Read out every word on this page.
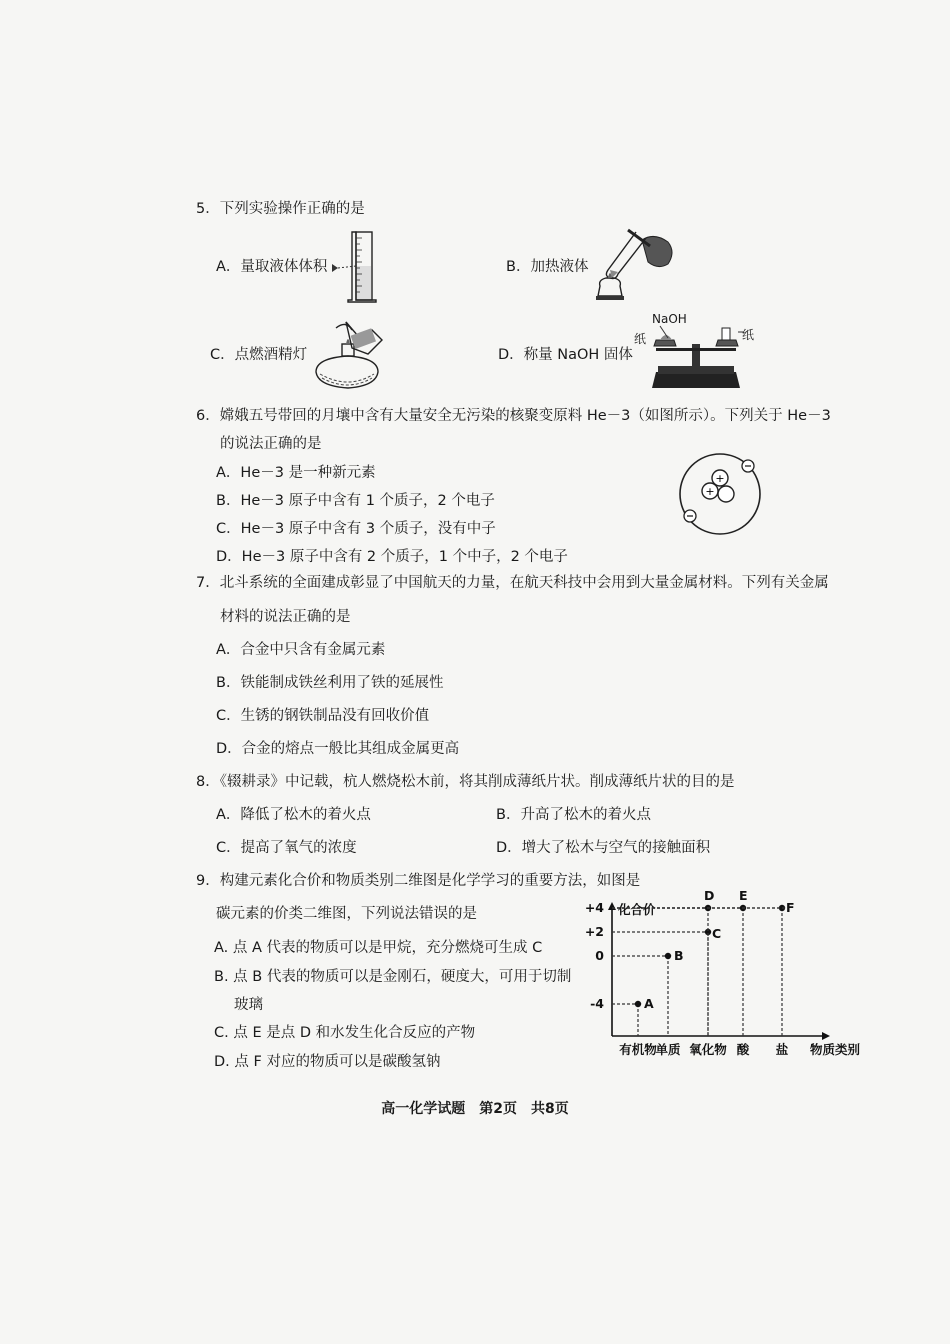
5．下列实验操作正确的是
A．量取液体体积	B．加热液体
C．点燃酒精灯	D．称量 NaOH 固体
NaOH
纸	纸
6．嫦娥五号带回的月壤中含有大量安全无污染的核聚变原料 He－3（如图所示）。下列关于 He－3
的说法正确的是
A．He－3 是一种新元素
B．He－3 原子中含有 1 个质子，2 个电子
C．He－3 原子中含有 3 个质子，没有中子
D．He－3 原子中含有 2 个质子，1 个中子，2 个电子
+
+
7．北斗系统的全面建成彰显了中国航天的力量，在航天科技中会用到大量金属材料。下列有关金属
材料的说法正确的是
A．合金中只含有金属元素
B．铁能制成铁丝利用了铁的延展性
C．生锈的钢铁制品没有回收价值
D．合金的熔点一般比其组成金属更高
8．《辍耕录》中记载，杭人燃烧松木前，将其削成薄纸片状。削成薄纸片状的目的是
A．降低了松木的着火点	B．升高了松木的着火点
C．提高了氧气的浓度	D．增大了松木与空气的接触面积
9．构建元素化合价和物质类别二维图是化学学习的重要方法，如图是
碳元素的价类二维图，下列说法错误的是
A. 点 A 代表的物质可以是甲烷，充分燃烧可生成 C
B. 点 B 代表的物质可以是金刚石，硬度大，可用于切制
玻璃
C. 点 E 是点 D 和水发生化合反应的产物
D. 点 F 对应的物质可以是碳酸氢钠
化合价
物质类别
+4
+2
0
-4
有机物
单质 氧化物 酸 盐
A
B
C
D E
F
高一化学试题　第2页　共8页
